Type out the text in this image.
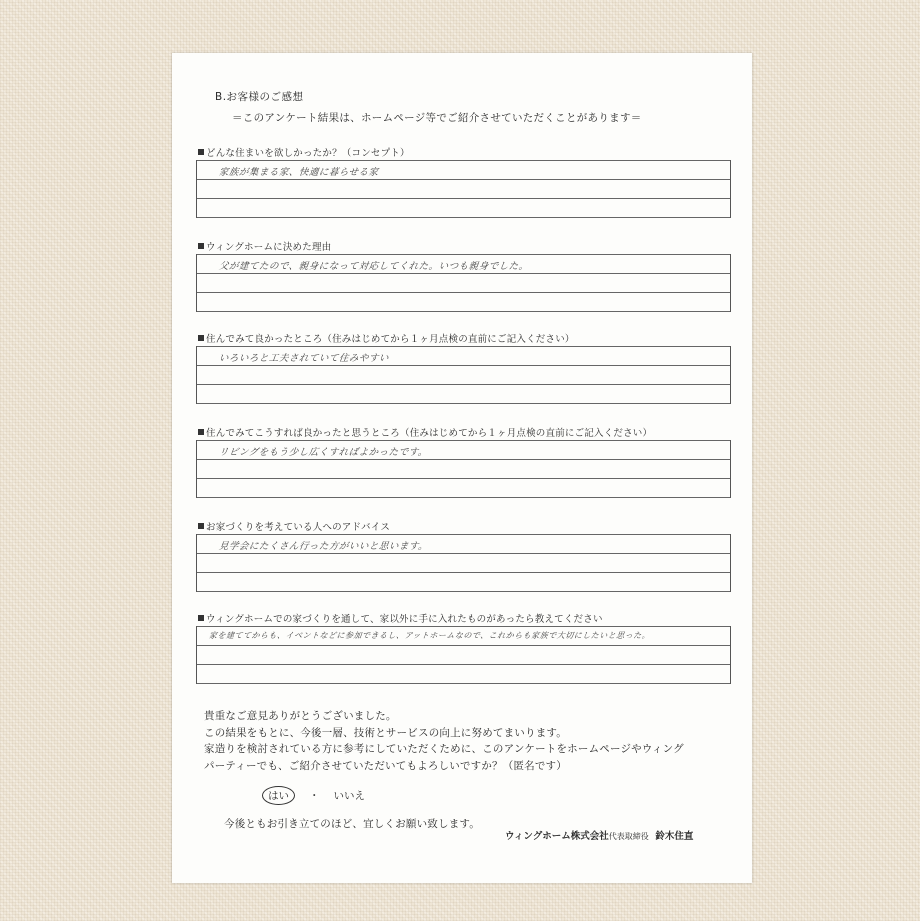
B.お客様のご感想
＝このアンケート結果は、ホームページ等でご紹介させていただくことがあります＝
どんな住まいを欲しかったか？（コンセプト）
家族が集まる家、快適に暮らせる家
ウィングホームに決めた理由
父が建てたので、親身になって対応してくれた。いつも親身でした。
住んでみて良かったところ（住みはじめてから１ヶ月点検の直前にご記入ください）
いろいろと工夫されていて住みやすい
住んでみてこうすれば良かったと思うところ（住みはじめてから１ヶ月点検の直前にご記入ください）
リビングをもう少し広くすればよかったです。
お家づくりを考えている人へのアドバイス
見学会にたくさん行った方がいいと思います。
ウィングホームでの家づくりを通して、家以外に手に入れたものがあったら教えてください
家を建ててからも、イベントなどに参加できるし、アットホームなので、これからも家族で大切にしたいと思った。
貴重なご意見ありがとうございました。
この結果をもとに、今後一層、技術とサービスの向上に努めてまいります。
家造りを検討されている方に参考にしていただくために、このアンケートをホームページやウィング
パーティーでも、ご紹介させていただいてもよろしいですか？（匿名です）
はい ・ いいえ
今後ともお引き立てのほど、宜しくお願い致します。
ウィングホーム株式会社代表取締役 鈴木住直
